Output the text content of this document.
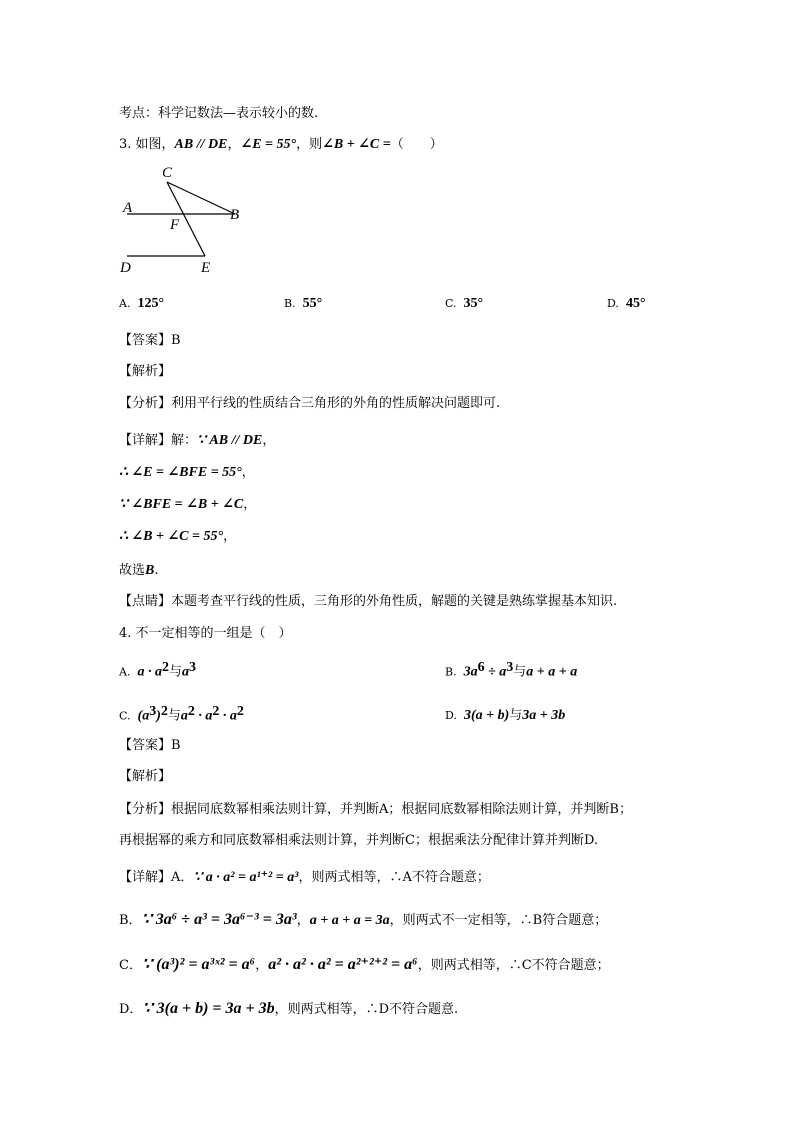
考点：科学记数法—表示较小的数.
3. 如图，AB // DE，∠E = 55°，则∠B + ∠C =（　　）
C
A
F
B
D	E
A. 125°	B. 55°	C. 35°	D. 45°
【答案】B
【解析】
【分析】利用平行线的性质结合三角形的外角的性质解决问题即可.
【详解】解：∵ AB // DE，
∴ ∠E = ∠BFE = 55°，
∵ ∠BFE = ∠B + ∠C，
∴ ∠B + ∠C = 55°，
故选B.
【点睛】本题考查平行线的性质，三角形的外角性质，解题的关键是熟练掌握基本知识.
4. 不一定相等的一组是（　）
A. $a \cdot a^2$与$a^3$	B. $3a^6 \div a^3$与a + a + a
C. $(a^3)^2$与$a^2 \cdot a^2 \cdot a^2$	D. 3(a + b)与3a + 3b
【答案】B
【解析】
【分析】根据同底数幂相乘法则计算，并判断A；根据同底数幂相除法则计算，并判断B；
再根据幂的乘方和同底数幂相乘法则计算，并判断C；根据乘法分配律计算并判断D.
【详解】A．∵ a · a² = a¹⁺² = a³，则两式相等，∴A不符合题意；
B．∵ 3a⁶ ÷ a³ = 3a⁶⁻³ = 3a³，a + a + a = 3a，则两式不一定相等，∴B符合题意；
C．∵ (a³)² = a³ˣ² = a⁶，a² · a² · a² = a²⁺²⁺² = a⁶，则两式相等，∴C不符合题意；
D．∵ 3(a + b) = 3a + 3b，则两式相等，∴D不符合题意.
